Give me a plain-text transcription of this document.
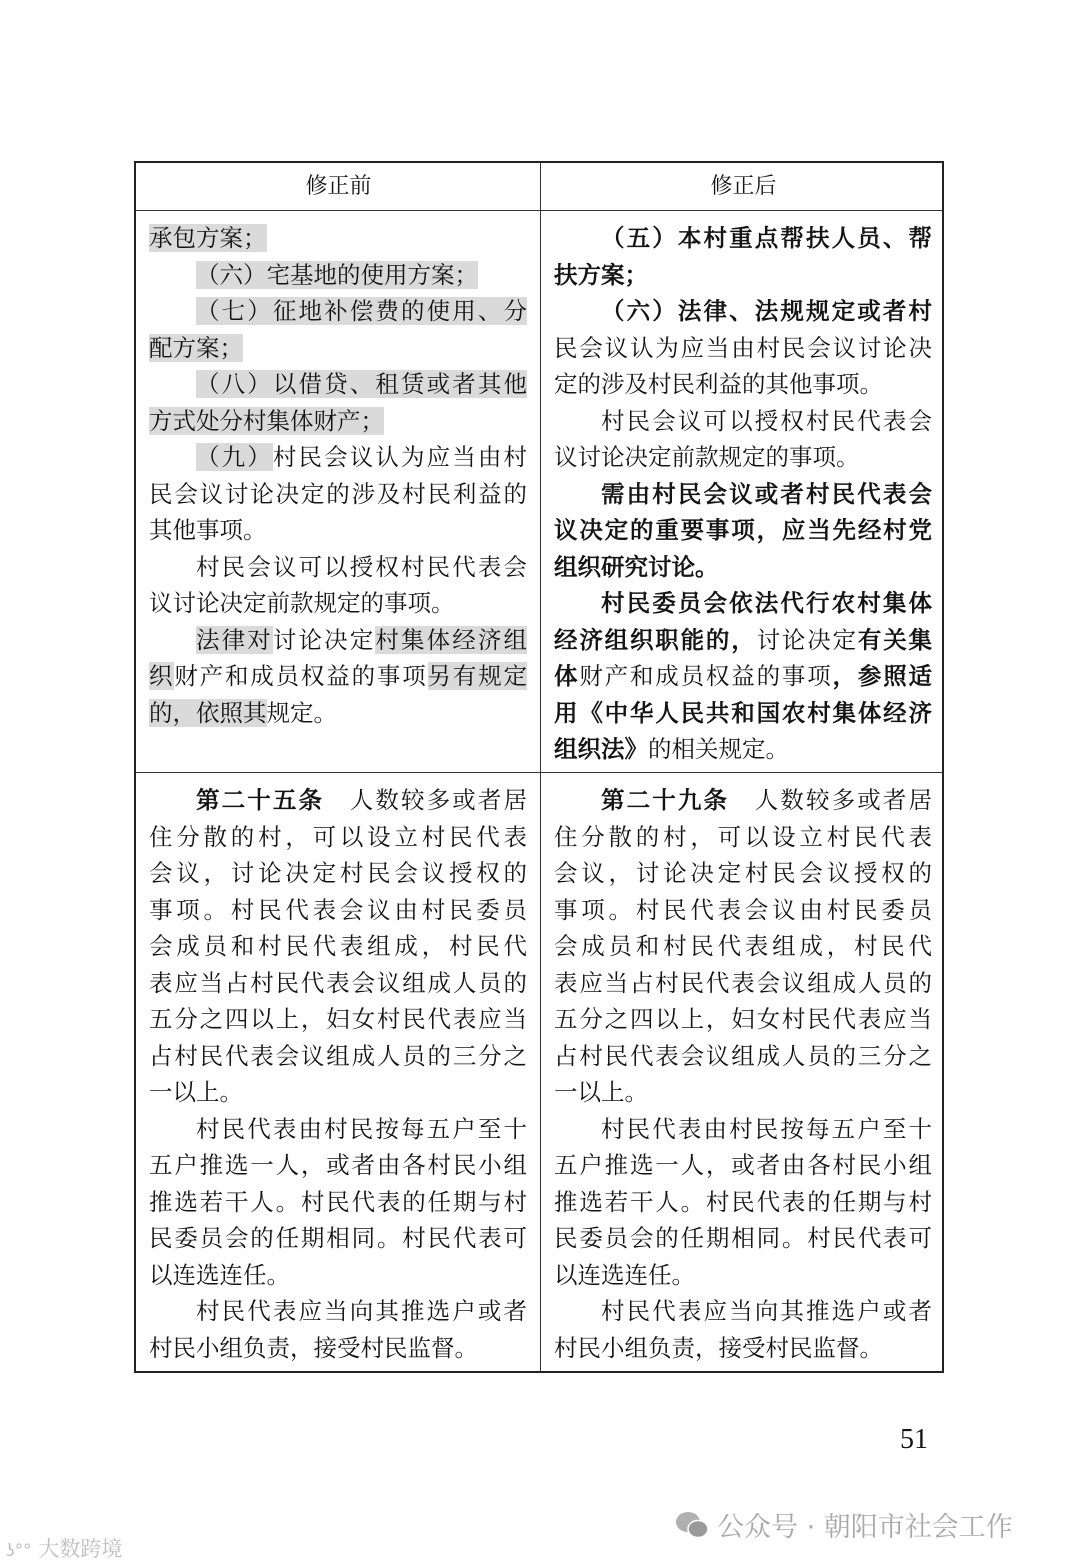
修正前	修正后
承包方案；
（六）宅基地的使用方案；
（七）征地补偿费的使用、分
配方案；
（八）以借贷、租赁或者其他
方式处分村集体财产；
（九）村民会议认为应当由村
民会议讨论决定的涉及村民利益的
其他事项。
村民会议可以授权村民代表会
议讨论决定前款规定的事项。
法律对讨论决定村集体经济组
织财产和成员权益的事项另有规定
的，依照其规定。
（五）本村重点帮扶人员、帮
扶方案；
（六）法律、法规规定或者村
民会议认为应当由村民会议讨论决
定的涉及村民利益的其他事项。
村民会议可以授权村民代表会
议讨论决定前款规定的事项。
需由村民会议或者村民代表会
议决定的重要事项，应当先经村党
组织研究讨论。
村民委员会依法代行农村集体
经济组织职能的，讨论决定有关集
体财产和成员权益的事项，参照适
用《中华人民共和国农村集体经济
组织法》的相关规定。
第二十五条　人数较多或者居
住分散的村，可以设立村民代表
会议，讨论决定村民会议授权的
事项。村民代表会议由村民委员
会成员和村民代表组成，村民代
表应当占村民代表会议组成人员的
五分之四以上，妇女村民代表应当
占村民代表会议组成人员的三分之
一以上。
村民代表由村民按每五户至十
五户推选一人，或者由各村民小组
推选若干人。村民代表的任期与村
民委员会的任期相同。村民代表可
以连选连任。
村民代表应当向其推选户或者
村民小组负责，接受村民监督。
第二十九条　人数较多或者居
住分散的村，可以设立村民代表
会议，讨论决定村民会议授权的
事项。村民代表会议由村民委员
会成员和村民代表组成，村民代
表应当占村民代表会议组成人员的
五分之四以上，妇女村民代表应当
占村民代表会议组成人员的三分之
一以上。
村民代表由村民按每五户至十
五户推选一人，或者由各村民小组
推选若干人。村民代表的任期与村
民委员会的任期相同。村民代表可
以连选连任。
村民代表应当向其推选户或者
村民小组负责，接受村民监督。
51
公众号 · 朝阳市社会工作
ʖ°° 大数跨境
